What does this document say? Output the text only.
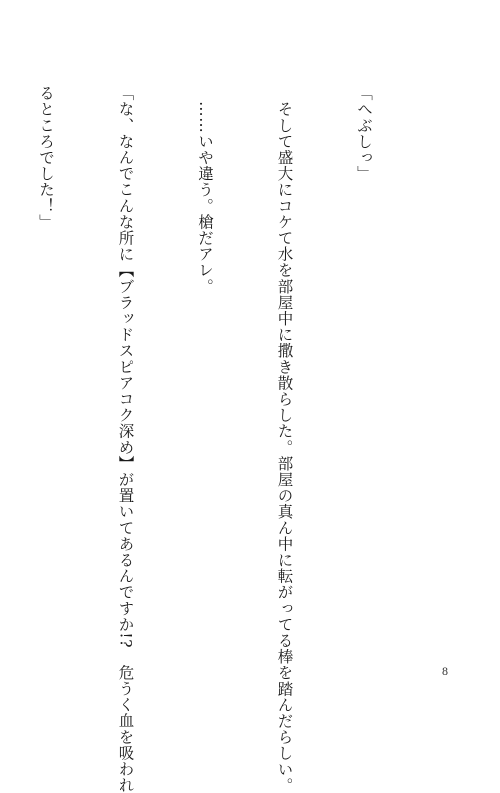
「へぶしっ」

　そして盛大にコケて水を部屋中に撒き散らした。部屋の真ん中に転がってる棒を踏んだらしい。

　……いや違う。槍だアレ。

「な、なんでこんな所に【ブラッドスピアコク深め】が置いてあるんですか!?　危うく血を吸われ

るところでした！」

8
